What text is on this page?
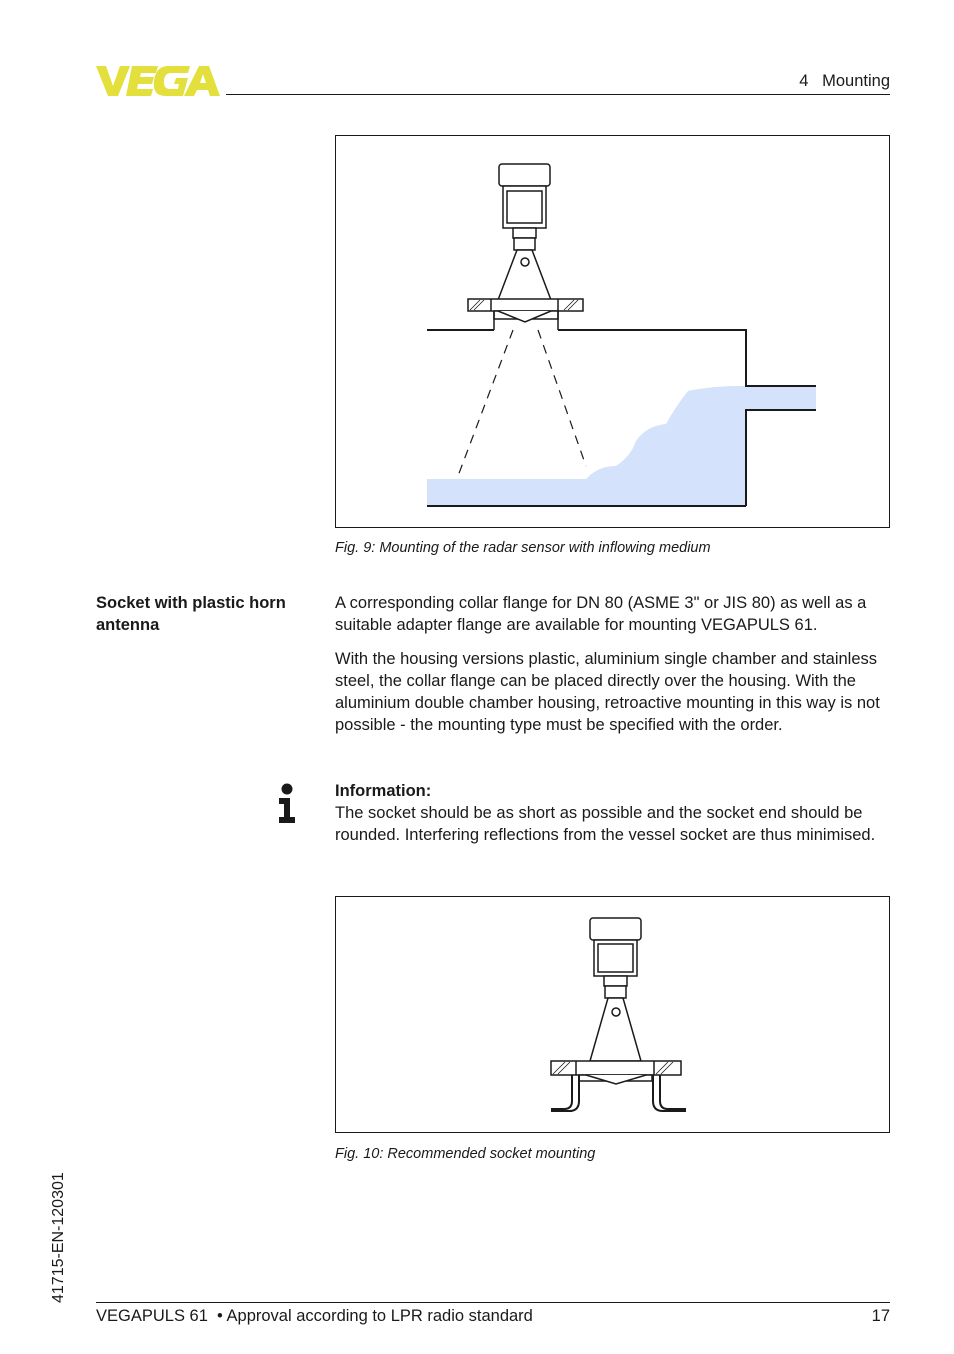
4   Mounting
Fig. 9: Mounting of the radar sensor with inflowing medium
Socket with plastic horn antenna

A corresponding collar flange for DN 80 (ASME 3" or JIS 80) as well as a suitable adapter flange are available for mounting VEGAPULS 61.

With the housing versions plastic, aluminium single chamber and stainless steel, the collar flange can be placed directly over the housing. With the aluminium double chamber housing, retroactive mounting in this way is not possible - the mounting type must be specified with the order.

Information:

The socket should be as short as possible and the socket end should be rounded. Interfering reflections from the vessel socket are thus minimised.

Fig. 10: Recommended socket mounting
41715-EN-120301
VEGAPULS 61  • Approval according to LPR radio standard	17
